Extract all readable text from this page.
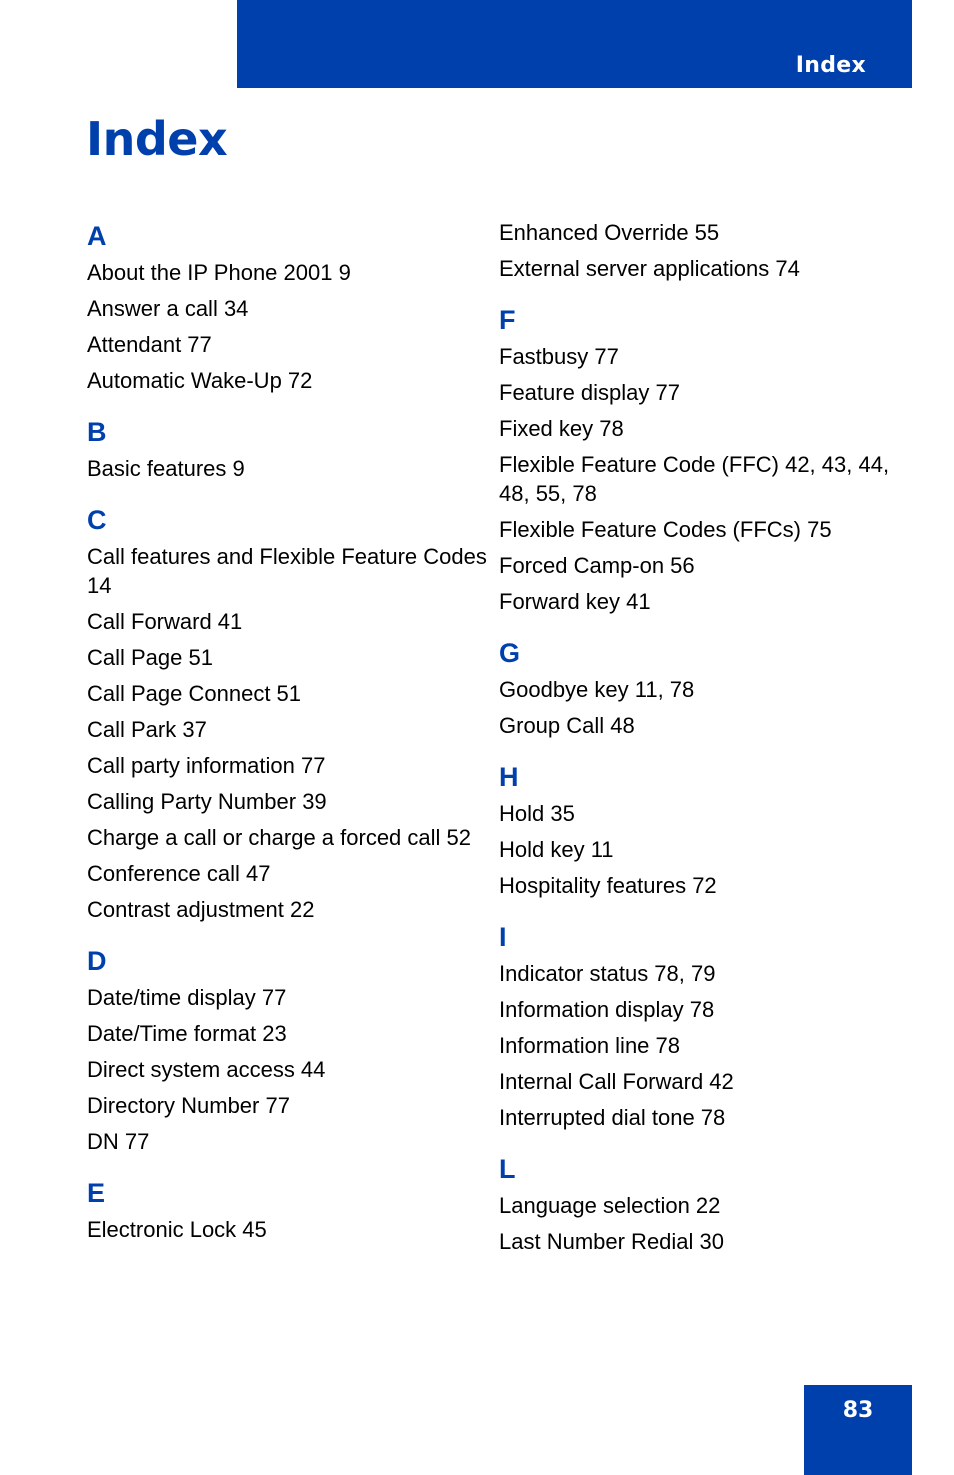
Index
Index
A
About the IP Phone 2001 9
Answer a call 34
Attendant 77
Automatic Wake-Up 72
B
Basic features 9
C
Call features and Flexible Feature Codes 14
Call Forward 41
Call Page 51
Call Page Connect 51
Call Park 37
Call party information 77
Calling Party Number 39
Charge a call or charge a forced call 52
Conference call 47
Contrast adjustment 22
D
Date/time display 77
Date/Time format 23
Direct system access 44
Directory Number 77
DN 77
E
Electronic Lock 45
Enhanced Override 55
External server applications 74
F
Fastbusy 77
Feature display 77
Fixed key 78
Flexible Feature Code (FFC) 42, 43, 44, 48, 55, 78
Flexible Feature Codes (FFCs) 75
Forced Camp-on 56
Forward key 41
G
Goodbye key 11, 78
Group Call 48
H
Hold 35
Hold key 11
Hospitality features 72
I
Indicator status 78, 79
Information display 78
Information line 78
Internal Call Forward 42
Interrupted dial tone 78
L
Language selection 22
Last Number Redial 30
83
